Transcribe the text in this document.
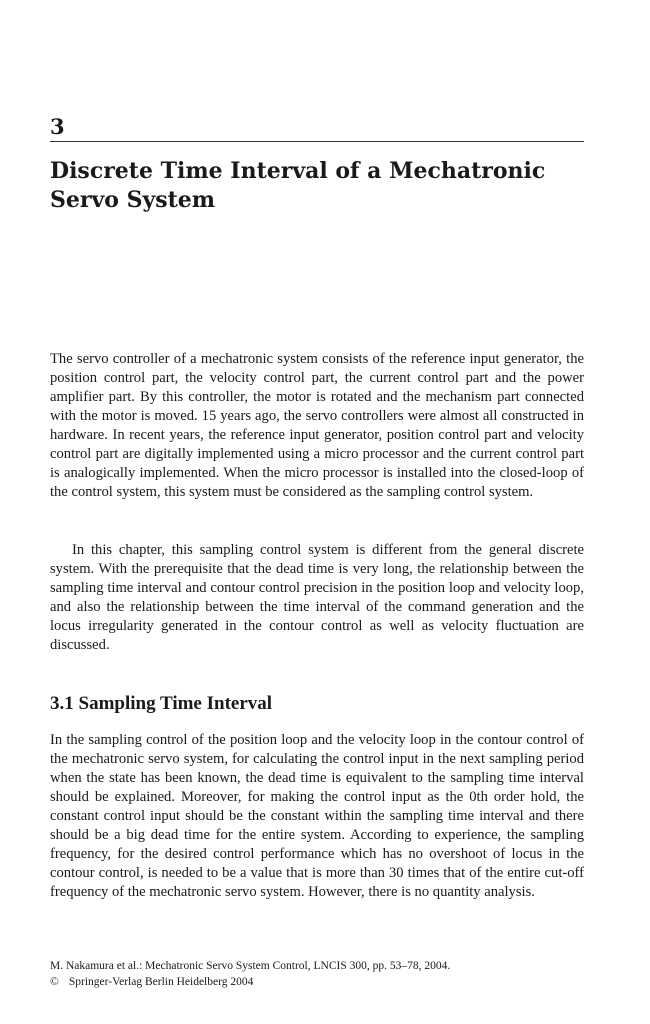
3
Discrete Time Interval of a Mechatronic Servo System

The servo controller of a mechatronic system consists of the reference input generator, the position control part, the velocity control part, the current control part and the power amplifier part. By this controller, the motor is rotated and the mechanism part connected with the motor is moved. 15 years ago, the servo controllers were almost all constructed in hardware. In recent years, the reference input generator, position control part and velocity control part are digitally implemented using a micro processor and the current control part is analogically implemented. When the micro processor is installed into the closed-loop of the control system, this system must be considered as the sampling control system.

In this chapter, this sampling control system is different from the general discrete system. With the prerequisite that the dead time is very long, the relationship between the sampling time interval and contour control precision in the position loop and velocity loop, and also the relationship between the time interval of the command generation and the locus irregularity generated in the contour control as well as velocity fluctuation are discussed.

3.1 Sampling Time Interval

In the sampling control of the position loop and the velocity loop in the contour control of the mechatronic servo system, for calculating the control input in the next sampling period when the state has been known, the dead time is equivalent to the sampling time interval should be explained. Moreover, for making the control input as the 0th order hold, the constant control input should be the constant within the sampling time interval and there should be a big dead time for the entire system. According to experience, the sampling frequency, for the desired control performance which has no overshoot of locus in the contour control, is needed to be a value that is more than 30 times that of the entire cut-off frequency of the mechatronic servo system. However, there is no quantity analysis.

M. Nakamura et al.: Mechatronic Servo System Control, LNCIS 300, pp. 53–78, 2004.
© Springer-Verlag Berlin Heidelberg 2004
